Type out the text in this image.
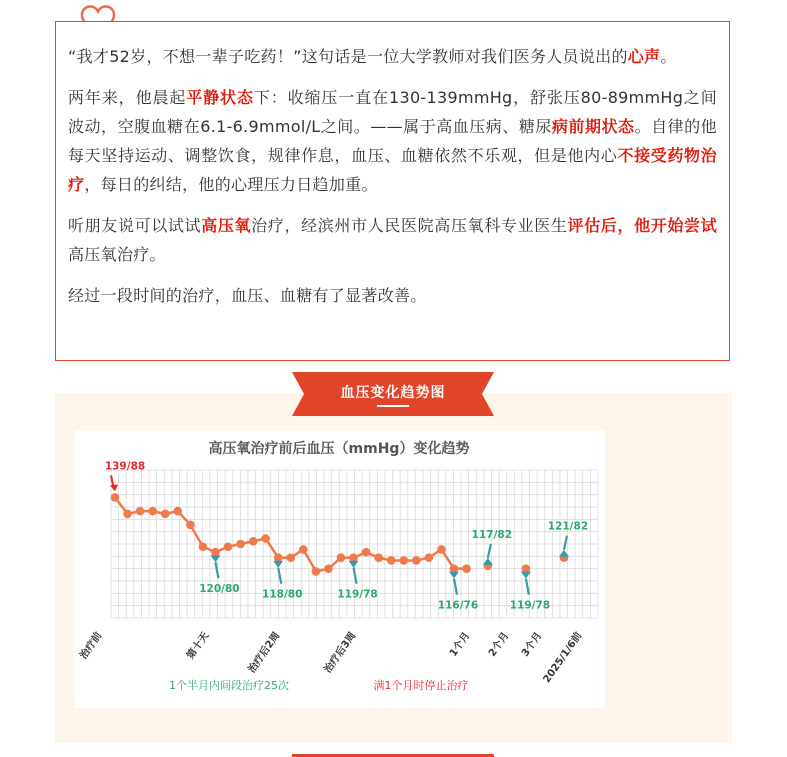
“我才52岁，不想一辈子吃药！”这句话是一位大学教师对我们医务人员说出的心声。

两年来，他晨起平静状态下：收缩压一直在130-139mmHg，舒张压80-89mmHg之间波动，空腹血糖在6.1-6.9mmol/L之间。——属于高血压病、糖尿病前期状态。自律的他每天坚持运动、调整饮食，规律作息，血压、血糖依然不乐观，但是他内心不接受药物治疗，每日的纠结，他的心理压力日趋加重。

听朋友说可以试试高压氧治疗，经滨州市人民医院高压氧科专业医生评估后，他开始尝试高压氧治疗。

经过一段时间的治疗，血压、血糖有了显著改善。

血压变化趋势图
高压氧治疗前后血压（mmHg）变化趋势
139/88
120/80 118/80	119/78
116/76
117/82
119/78
121/82
治疗前	第十天	治疗后2周	治疗后3周	1个月 2个月 3个月
2025/1/6前
1个半月内间段治疗25次	满1个月时停止治疗
